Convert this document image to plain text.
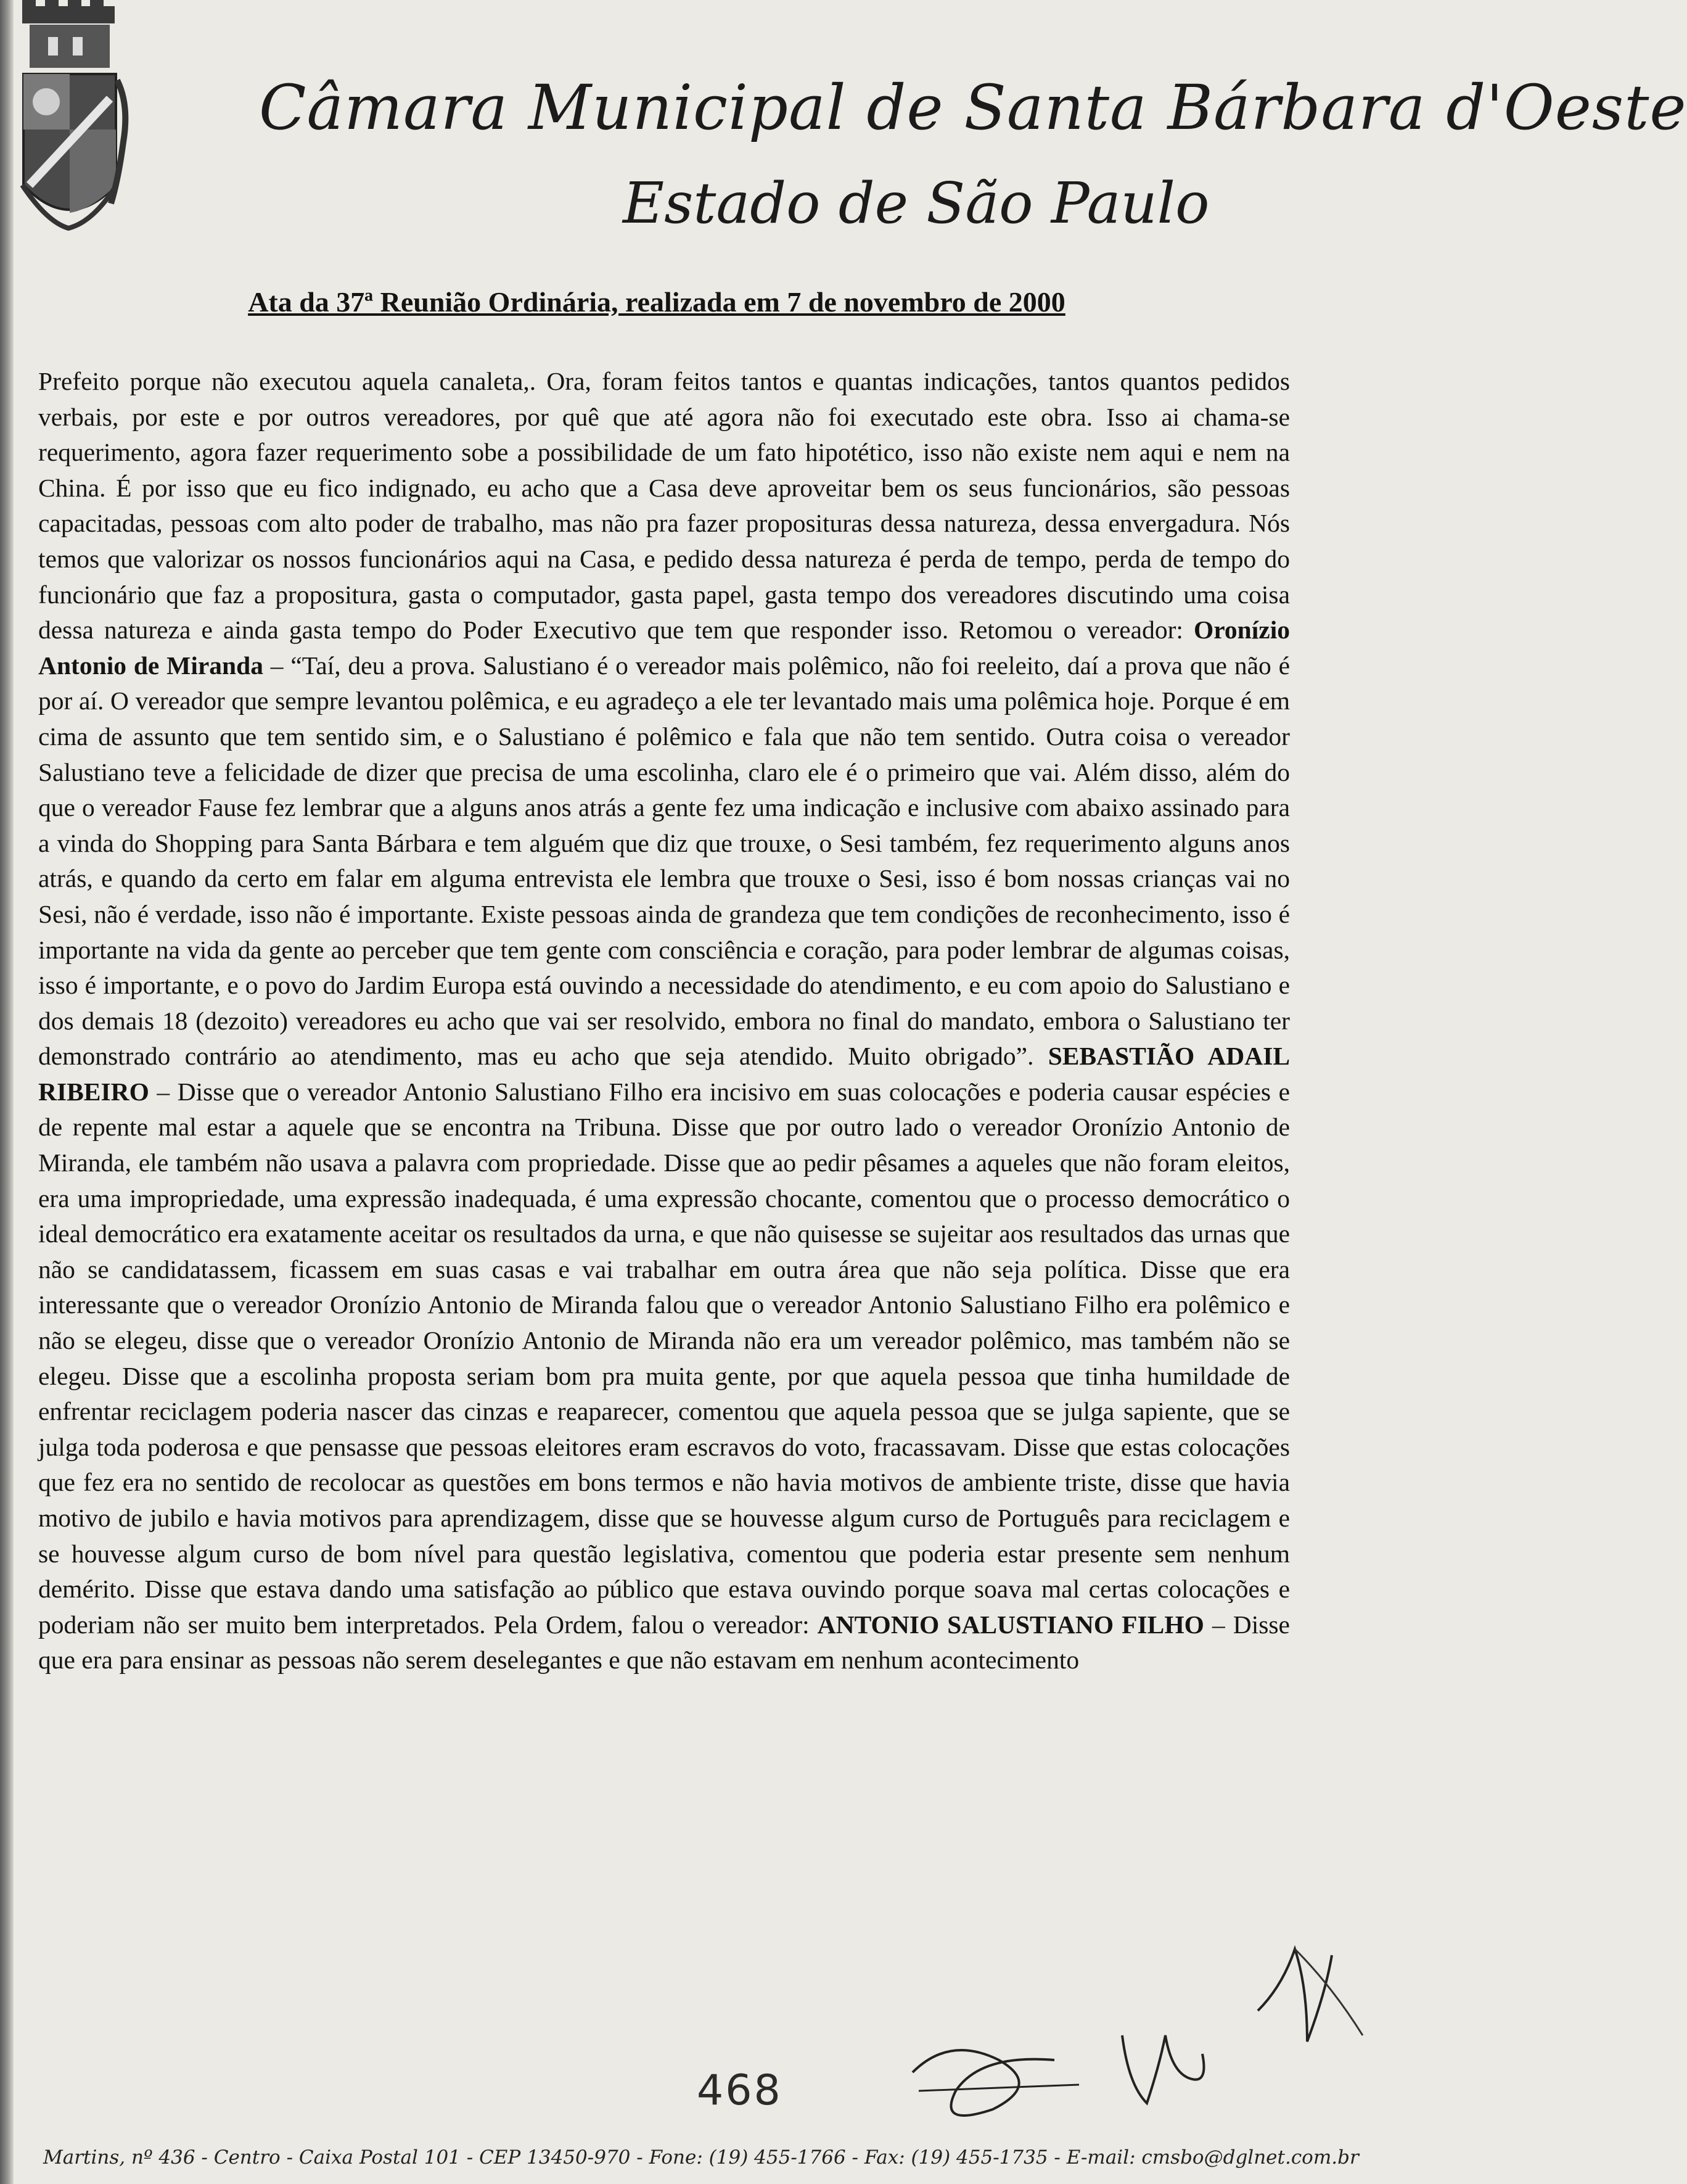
Câmara Municipal de Santa Bárbara d'Oeste
Estado de São Paulo
Ata da 37ª Reunião Ordinária, realizada em 7 de novembro de 2000
Prefeito porque não executou aquela canaleta,. Ora, foram feitos tantos e quantas indicações, tantos quantos pedidos verbais, por este e por outros vereadores, por quê que até agora não foi executado este obra. Isso ai chama-se requerimento, agora fazer requerimento sobe a possibilidade de um fato hipotético, isso não existe nem aqui e nem na China. É por isso que eu fico indignado, eu acho que a Casa deve aproveitar bem os seus funcionários, são pessoas capacitadas, pessoas com alto poder de trabalho, mas não pra fazer proposituras dessa natureza, dessa envergadura. Nós temos que valorizar os nossos funcionários aqui na Casa, e pedido dessa natureza é perda de tempo, perda de tempo do funcionário que faz a propositura, gasta o computador, gasta papel, gasta tempo dos vereadores discutindo uma coisa dessa natureza e ainda gasta tempo do Poder Executivo que tem que responder isso. Retomou o vereador: Oronízio Antonio de Miranda – “Taí, deu a prova. Salustiano é o vereador mais polêmico, não foi reeleito, daí a prova que não é por aí. O vereador que sempre levantou polêmica, e eu agradeço a ele ter levantado mais uma polêmica hoje. Porque é em cima de assunto que tem sentido sim, e o Salustiano é polêmico e fala que não tem sentido. Outra coisa o vereador Salustiano teve a felicidade de dizer que precisa de uma escolinha, claro ele é o primeiro que vai. Além disso, além do que o vereador Fause fez lembrar que a alguns anos atrás a gente fez uma indicação e inclusive com abaixo assinado para a vinda do Shopping para Santa Bárbara e tem alguém que diz que trouxe, o Sesi também, fez requerimento alguns anos atrás, e quando da certo em falar em alguma entrevista ele lembra que trouxe o Sesi, isso é bom nossas crianças vai no Sesi, não é verdade, isso não é importante. Existe pessoas ainda de grandeza que tem condições de reconhecimento, isso é importante na vida da gente ao perceber que tem gente com consciência e coração, para poder lembrar de algumas coisas, isso é importante, e o povo do Jardim Europa está ouvindo a necessidade do atendimento, e eu com apoio do Salustiano e dos demais 18 (dezoito) vereadores eu acho que vai ser resolvido, embora no final do mandato, embora o Salustiano ter demonstrado contrário ao atendimento, mas eu acho que seja atendido. Muito obrigado”. SEBASTIÃO ADAIL RIBEIRO – Disse que o vereador Antonio Salustiano Filho era incisivo em suas colocações e poderia causar espécies e de repente mal estar a aquele que se encontra na Tribuna. Disse que por outro lado o vereador Oronízio Antonio de Miranda, ele também não usava a palavra com propriedade. Disse que ao pedir pêsames a aqueles que não foram eleitos, era uma impropriedade, uma expressão inadequada, é uma expressão chocante, comentou que o processo democrático o ideal democrático era exatamente aceitar os resultados da urna, e que não quisesse se sujeitar aos resultados das urnas que não se candidatassem, ficassem em suas casas e vai trabalhar em outra área que não seja política. Disse que era interessante que o vereador Oronízio Antonio de Miranda falou que o vereador Antonio Salustiano Filho era polêmico e não se elegeu, disse que o vereador Oronízio Antonio de Miranda não era um vereador polêmico, mas também não se elegeu. Disse que a escolinha proposta seriam bom pra muita gente, por que aquela pessoa que tinha humildade de enfrentar reciclagem poderia nascer das cinzas e reaparecer, comentou que aquela pessoa que se julga sapiente, que se julga toda poderosa e que pensasse que pessoas eleitores eram escravos do voto, fracassavam. Disse que estas colocações que fez era no sentido de recolocar as questões em bons termos e não havia motivos de ambiente triste, disse que havia motivo de jubilo e havia motivos para aprendizagem, disse que se houvesse algum curso de Português para reciclagem e se houvesse algum curso de bom nível para questão legislativa, comentou que poderia estar presente sem nenhum demérito. Disse que estava dando uma satisfação ao público que estava ouvindo porque soava mal certas colocações e poderiam não ser muito bem interpretados. Pela Ordem, falou o vereador: ANTONIO SALUSTIANO FILHO – Disse que era para ensinar as pessoas não serem deselegantes e que não estavam em nenhum acontecimento
468
Martins, nº 436 - Centro - Caixa Postal 101 - CEP 13450-970 - Fone: (19) 455-1766 - Fax: (19) 455-1735 - E-mail: cmsbo@dglnet.com.br
